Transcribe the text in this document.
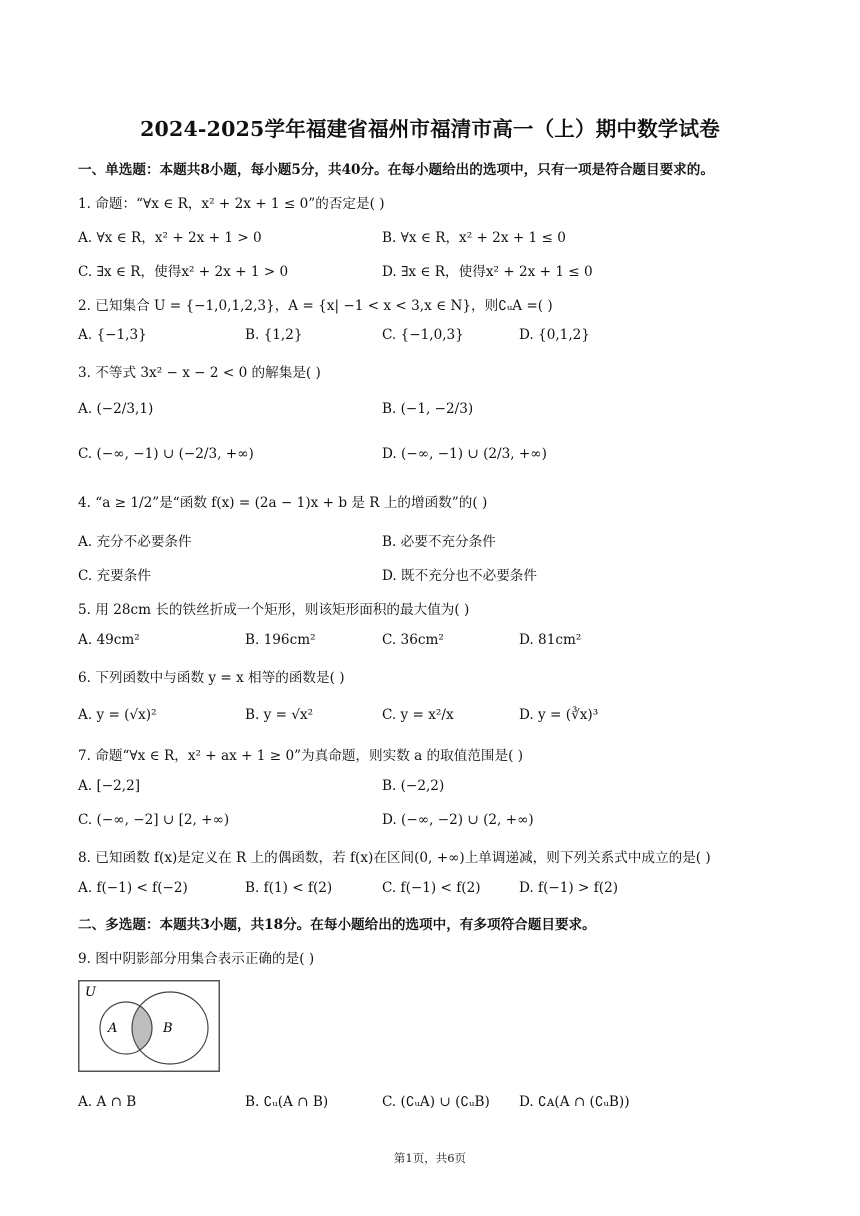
2024-2025学年福建省福州市福清市高一（上）期中数学试卷
一、单选题：本题共8小题，每小题5分，共40分。在每小题给出的选项中，只有一项是符合题目要求的。
1. 命题：“∀x ∈ R，x² + 2x + 1 ≤ 0”的否定是( )
A. ∀x ∈ R，x² + 2x + 1 > 0	B. ∀x ∈ R，x² + 2x + 1 ≤ 0
C. ∃x ∈ R，使得x² + 2x + 1 > 0	D. ∃x ∈ R，使得x² + 2x + 1 ≤ 0
2. 已知集合 U = {−1,0,1,2,3}，A = {x| −1 < x < 3,x ∈ N}，则∁ᵤA =( )
A. {−1,3}	B. {1,2}	C. {−1,0,3}	D. {0,1,2}
3. 不等式 3x² − x − 2 < 0 的解集是( )
A. (−2/3,1)	B. (−1, −2/3)
C. (−∞, −1) ∪ (−2/3, +∞)	D. (−∞, −1) ∪ (2/3, +∞)
4. “a ≥ 1/2”是“函数 f(x) = (2a − 1)x + b 是 R 上的增函数”的( )
A. 充分不必要条件	B. 必要不充分条件
C. 充要条件	D. 既不充分也不必要条件
5. 用 28cm 长的铁丝折成一个矩形，则该矩形面积的最大值为( )
A. 49cm²	B. 196cm²	C. 36cm²	D. 81cm²
6. 下列函数中与函数 y = x 相等的函数是( )
A. y = (√x)²	B. y = √x²	C. y = x²/x	D. y = (∛x)³
7. 命题“∀x ∈ R，x² + ax + 1 ≥ 0”为真命题，则实数 a 的取值范围是( )
A. [−2,2]	B. (−2,2)
C. (−∞, −2] ∪ [2, +∞)	D. (−∞, −2) ∪ (2, +∞)
8. 已知函数 f(x)是定义在 R 上的偶函数，若 f(x)在区间(0, +∞)上单调递减，则下列关系式中成立的是( )
A. f(−1) < f(−2)	B. f(1) < f(2)	C. f(−1) < f(2)	D. f(−1) > f(2)
二、多选题：本题共3小题，共18分。在每小题给出的选项中，有多项符合题目要求。
9. 图中阴影部分用集合表示正确的是( )
U
A	B
A. A ∩ B	B. ∁ᵤ(A ∩ B)	C. (∁ᵤA) ∪ (∁ᵤB) D. ∁ᴀ(A ∩ (∁ᵤB))
第1页，共6页
